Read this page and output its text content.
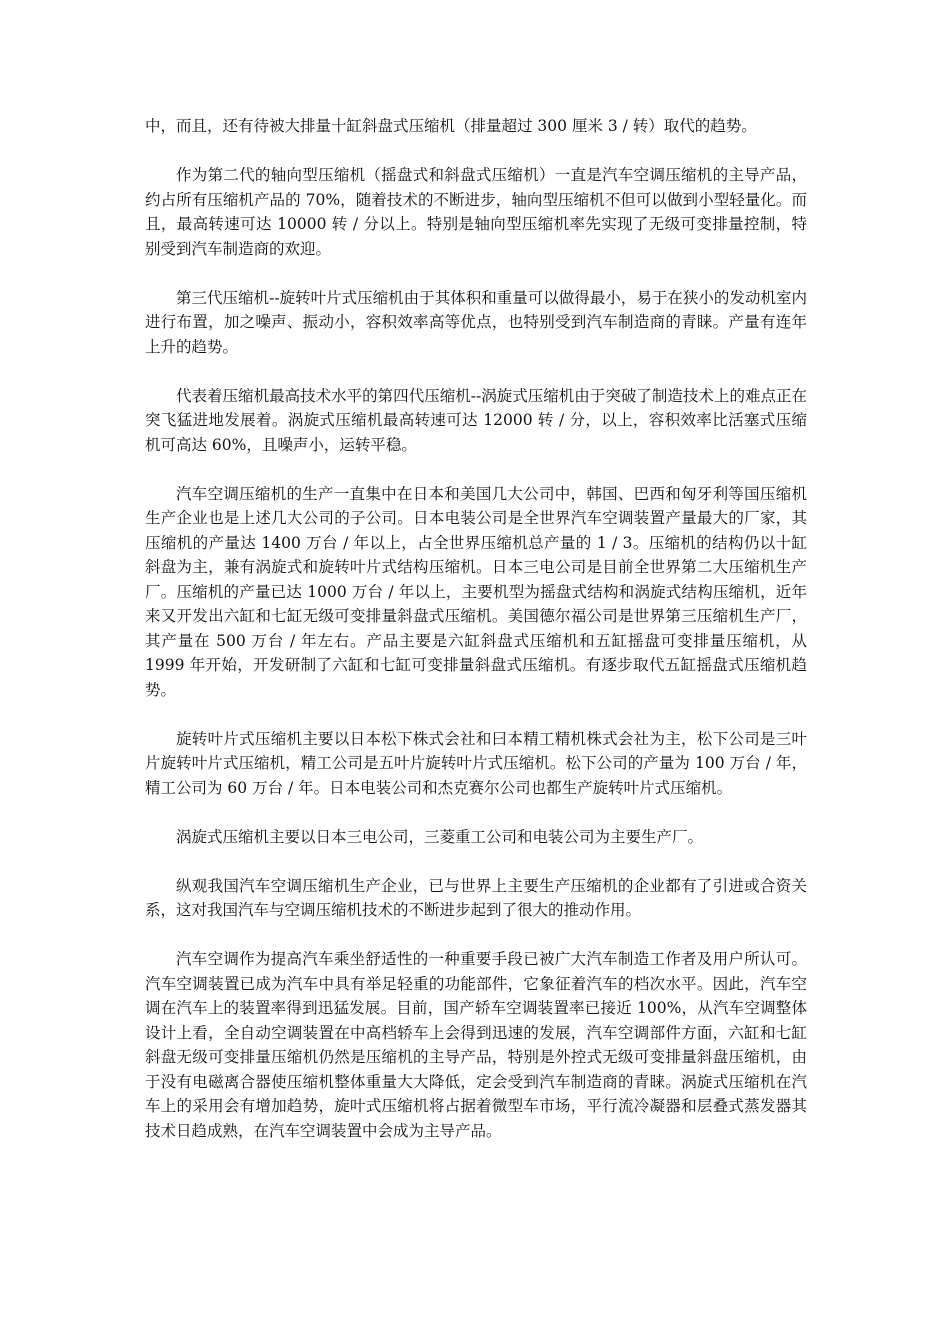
中，而且，还有待被大排量十缸斜盘式压缩机（排量超过 300 厘米 3 / 转）取代的趋势。

作为第二代的轴向型压缩机（摇盘式和斜盘式压缩机）一直是汽车空调压缩机的主导产品，约占所有压缩机产品的 70%，随着技术的不断进步，轴向型压缩机不但可以做到小型轻量化。而且，最高转速可达 10000 转 / 分以上。特别是轴向型压缩机率先实现了无级可变排量控制，特别受到汽车制造商的欢迎。

第三代压缩机--旋转叶片式压缩机由于其体积和重量可以做得最小，易于在狭小的发动机室内进行布置，加之噪声、振动小，容积效率高等优点，也特别受到汽车制造商的青睐。产量有连年上升的趋势。

代表着压缩机最高技术水平的第四代压缩机--涡旋式压缩机由于突破了制造技术上的难点正在突飞猛进地发展着。涡旋式压缩机最高转速可达 12000 转 / 分，以上，容积效率比活塞式压缩机可高达 60%，且噪声小，运转平稳。

汽车空调压缩机的生产一直集中在日本和美国几大公司中，韩国、巴西和匈牙利等国压缩机生产企业也是上述几大公司的子公司。日本电装公司是全世界汽车空调装置产量最大的厂家，其压缩机的产量达 1400 万台 / 年以上，占全世界压缩机总产量的 1 / 3。压缩机的结构仍以十缸斜盘为主，兼有涡旋式和旋转叶片式结构压缩机。日本三电公司是目前全世界第二大压缩机生产厂。压缩机的产量已达 1000 万台 / 年以上，主要机型为摇盘式结构和涡旋式结构压缩机，近年来又开发出六缸和七缸无级可变排量斜盘式压缩机。美国德尔福公司是世界第三压缩机生产厂，其产量在 500 万台 / 年左右。产品主要是六缸斜盘式压缩机和五缸摇盘可变排量压缩机，从 1999 年开始，开发研制了六缸和七缸可变排量斜盘式压缩机。有逐步取代五缸摇盘式压缩机趋势。

旋转叶片式压缩机主要以日本松下株式会社和曰本精工精机株式会社为主，松下公司是三叶片旋转叶片式压缩机，精工公司是五叶片旋转叶片式压缩机。松下公司的产量为 100 万台 / 年，精工公司为 60 万台 / 年。日本电装公司和杰克赛尔公司也都生产旋转叶片式压缩机。

涡旋式压缩机主要以日本三电公司，三菱重工公司和电装公司为主要生产厂。

纵观我国汽车空调压缩机生产企业，已与世界上主要生产压缩机的企业都有了引进或合资关系，这对我国汽车与空调压缩机技术的不断进步起到了很大的推动作用。

汽车空调作为提高汽车乘坐舒适性的一种重要手段已被广大汽车制造工作者及用户所认可。汽车空调装置已成为汽车中具有举足轻重的功能部件，它象征着汽车的档次水平。因此，汽车空调在汽车上的装置率得到迅猛发展。目前，国产轿车空调装置率已接近 100%，从汽车空调整体设计上看，全自动空调装置在中高档轿车上会得到迅速的发展，汽车空调部件方面，六缸和七缸斜盘无级可变排量压缩机仍然是压缩机的主导产品，特别是外控式无级可变排量斜盘压缩机，由于没有电磁离合器使压缩机整体重量大大降低，定会受到汽车制造商的青睐。涡旋式压缩机在汽车上的采用会有增加趋势，旋叶式压缩机将占据着微型车市场，平行流冷凝器和层叠式蒸发器其技术日趋成熟，在汽车空调装置中会成为主导产品。
